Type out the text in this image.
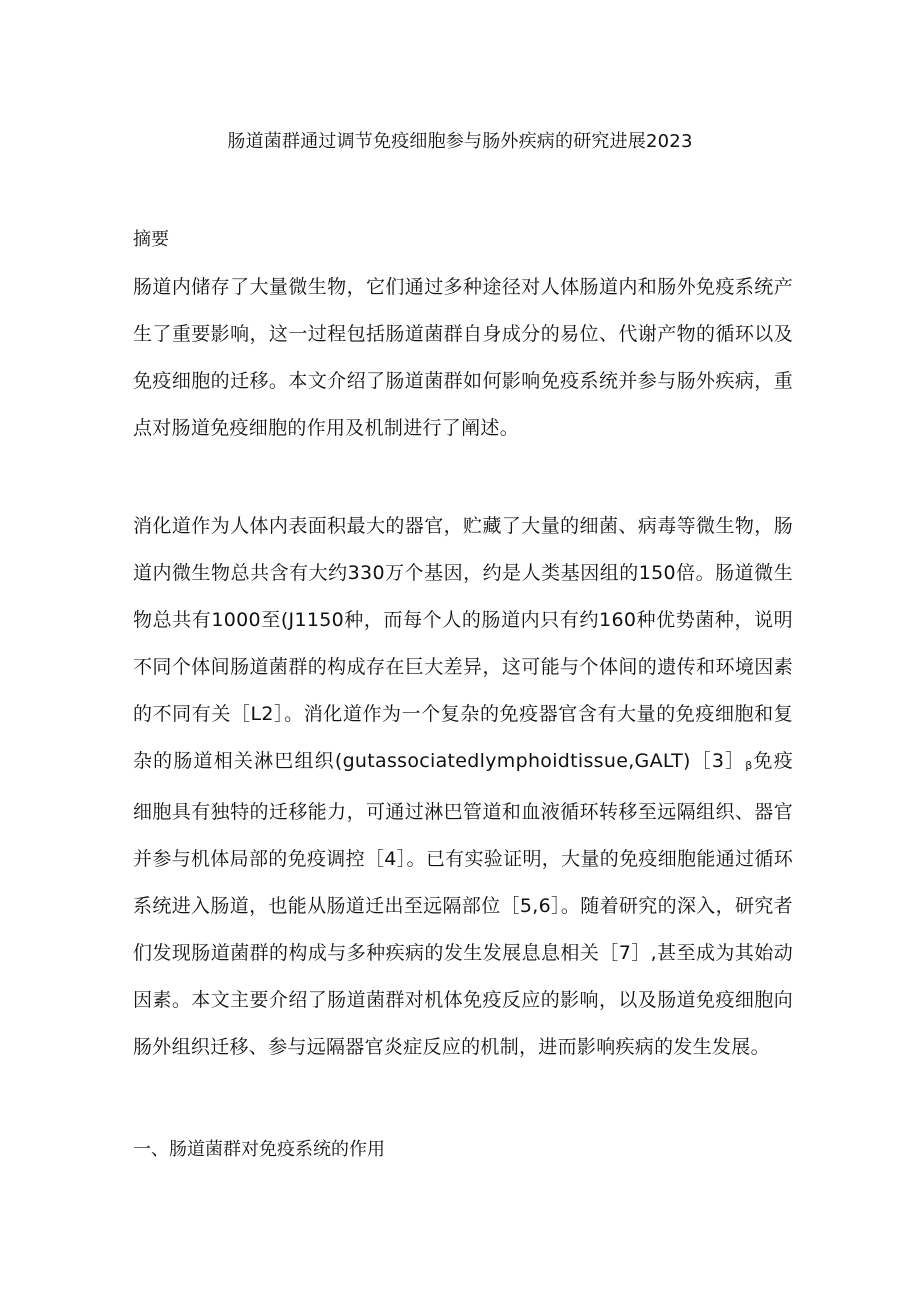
肠道菌群通过调节免疫细胞参与肠外疾病的研究进展2023
摘要

肠道内储存了大量微生物，它们通过多种途径对人体肠道内和肠外免疫系统产生了重要影响，这一过程包括肠道菌群自身成分的易位、代谢产物的循环以及免疫细胞的迁移。本文介绍了肠道菌群如何影响免疫系统并参与肠外疾病，重点对肠道免疫细胞的作用及机制进行了阐述。

消化道作为人体内表面积最大的器官，贮藏了大量的细菌、病毒等微生物，肠道内微生物总共含有大约330万个基因，约是人类基因组的150倍。肠道微生物总共有1000至(J1150种，而每个人的肠道内只有约160种优势菌种，说明不同个体间肠道菌群的构成存在巨大差异，这可能与个体间的遗传和环境因素的不同有关［L2］。消化道作为一个复杂的免疫器官含有大量的免疫细胞和复杂的肠道相关淋巴组织$(gutassociatedlymphoidtissue,GALT)[3]_\beta$免疫细胞具有独特的迁移能力，可通过淋巴管道和血液循环转移至远隔组织、器官并参与机体局部的免疫调控［4］。已有实验证明，大量的免疫细胞能通过循环系统进入肠道，也能从肠道迁出至远隔部位［5,6］。随着研究的深入，研究者们发现肠道菌群的构成与多种疾病的发生发展息息相关［7］,甚至成为其始动因素。本文主要介绍了肠道菌群对机体免疫反应的影响，以及肠道免疫细胞向肠外组织迁移、参与远隔器官炎症反应的机制，进而影响疾病的发生发展。

一、肠道菌群对免疫系统的作用
